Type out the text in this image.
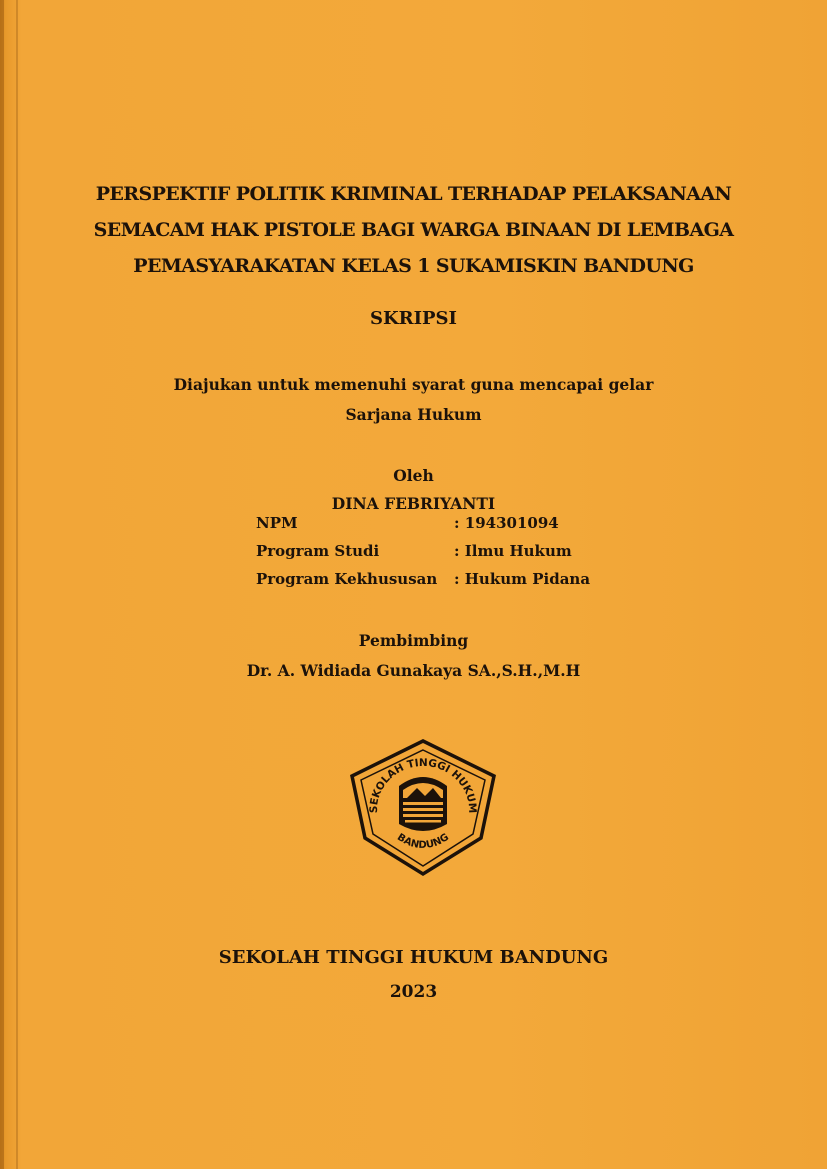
PERSPEKTIF POLITIK KRIMINAL TERHADAP PELAKSANAAN
SEMACAM HAK PISTOLE BAGI WARGA BINAAN DI LEMBAGA
PEMASYARAKATAN KELAS 1 SUKAMISKIN BANDUNG
SKRIPSI
Diajukan untuk memenuhi syarat guna mencapai gelar
Sarjana Hukum
Oleh
DINA FEBRIYANTI
NPM	: 194301094
Program Studi	: Ilmu Hukum
Program Kekhususan : Hukum Pidana
Pembimbing
Dr. A. Widiada Gunakaya SA.,S.H.,M.H
SEKOLAH TINGGI HUKUM
BANDUNG
SEKOLAH TINGGI HUKUM BANDUNG
2023
